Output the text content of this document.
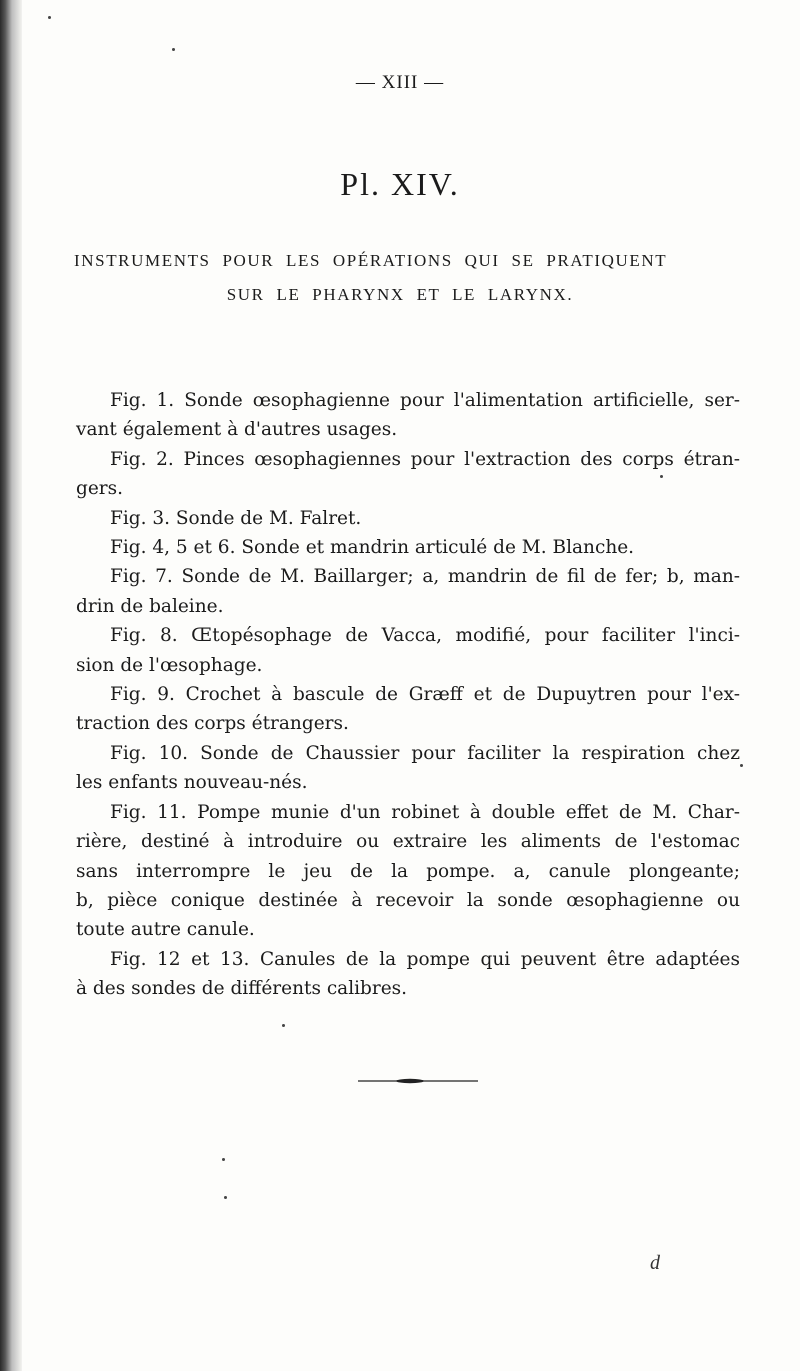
— XIII —
Pl. XIV.
INSTRUMENTS POUR LES OPÉRATIONS QUI SE PRATIQUENT
SUR LE PHARYNX ET LE LARYNX.
Fig. 1. Sonde œsophagienne pour l'alimentation artificielle, ser-
vant également à d'autres usages.
Fig. 2. Pinces œsophagiennes pour l'extraction des corps étran-
gers.
Fig. 3. Sonde de M. Falret.
Fig. 4, 5 et 6. Sonde et mandrin articulé de M. Blanche.
Fig. 7. Sonde de M. Baillarger; a, mandrin de fil de fer; b, man-
drin de baleine.
Fig. 8. Œtopésophage de Vacca, modifié, pour faciliter l'inci-
sion de l'œsophage.
Fig. 9. Crochet à bascule de Græff et de Dupuytren pour l'ex-
traction des corps étrangers.
Fig. 10. Sonde de Chaussier pour faciliter la respiration chez
les enfants nouveau-nés.
Fig. 11. Pompe munie d'un robinet à double effet de M. Char-
rière, destiné à introduire ou extraire les aliments de l'estomac
sans interrompre le jeu de la pompe. a, canule plongeante;
b, pièce conique destinée à recevoir la sonde œsophagienne ou
toute autre canule.
Fig. 12 et 13. Canules de la pompe qui peuvent être adaptées
à des sondes de différents calibres.
d
